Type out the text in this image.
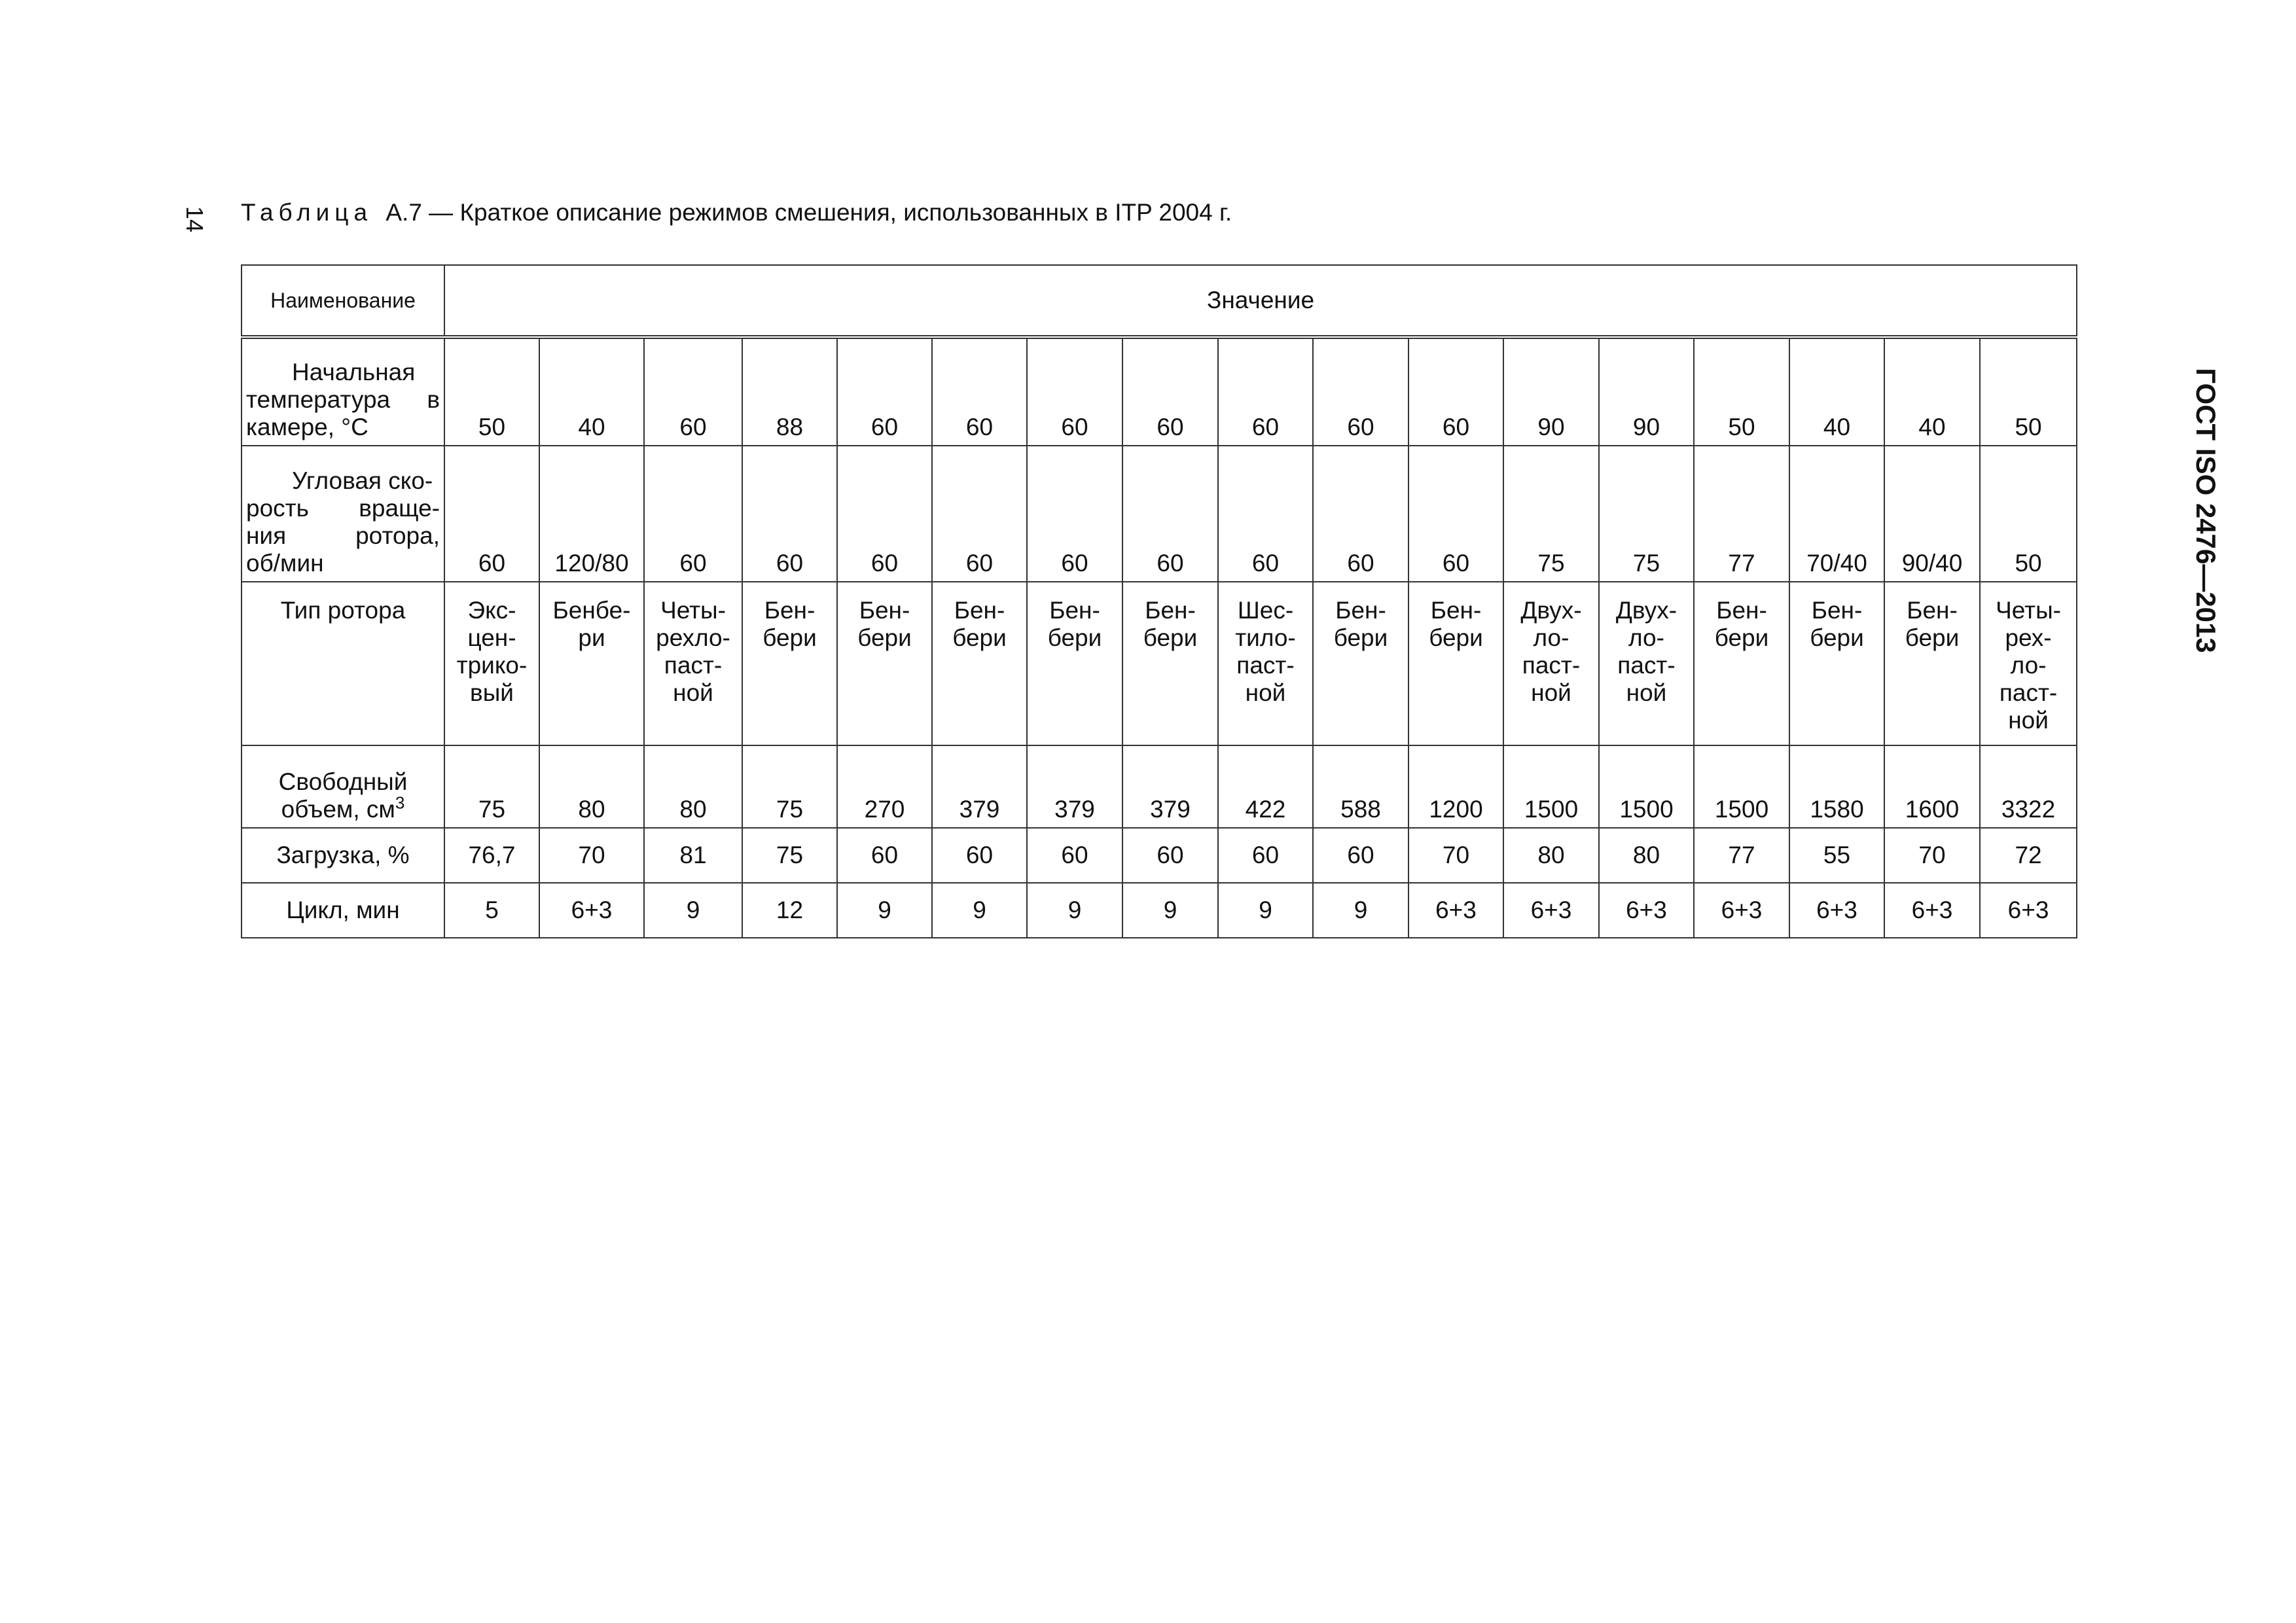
14
ГОСТ ISO 2476—2013
Таблица А.7 — Краткое описание режимов смешения, использованных в ITP 2004 г.
Наименование	Значение																

Начальная
температура в
камере, °С	50	40	60	88	60	60	60	60	60	60	60	90	90	50	40	40	50

Угловая ско-
рость враще-
ния ротора,
об/мин	60	120/80	60	60	60	60	60	60	60	60	60	75	75	77	70/40	90/40	50
Тип ротора	Экс-
цен-
трико-
вый	Бенбе-
ри	Четы-
рехло-
паст-
ной	Бен-
бери	Бен-
бери	Бен-
бери	Бен-
бери	Бен-
бери	Шес-
тило-
паст-
ной	Бен-
бери	Бен-
бери	Двух-
ло-
паст-
ной	Двух-
ло-
паст-
ной	Бен-
бери	Бен-
бери	Бен-
бери	Четы-
рех-
ло-
паст-
ной

Свободный
объем, $см^3$	75	80	80	75	270	379	379	379	422	588	1200	1500	1500	1500	1580	1600	3322
Загрузка, %	76,7	70	81	75	60	60	60	60	60	60	70	80	80	77	55	70	72
Цикл, мин	5	6+3	9	12	9	9	9	9	9	9	6+3	6+3	6+3	6+3	6+3	6+3	6+3
